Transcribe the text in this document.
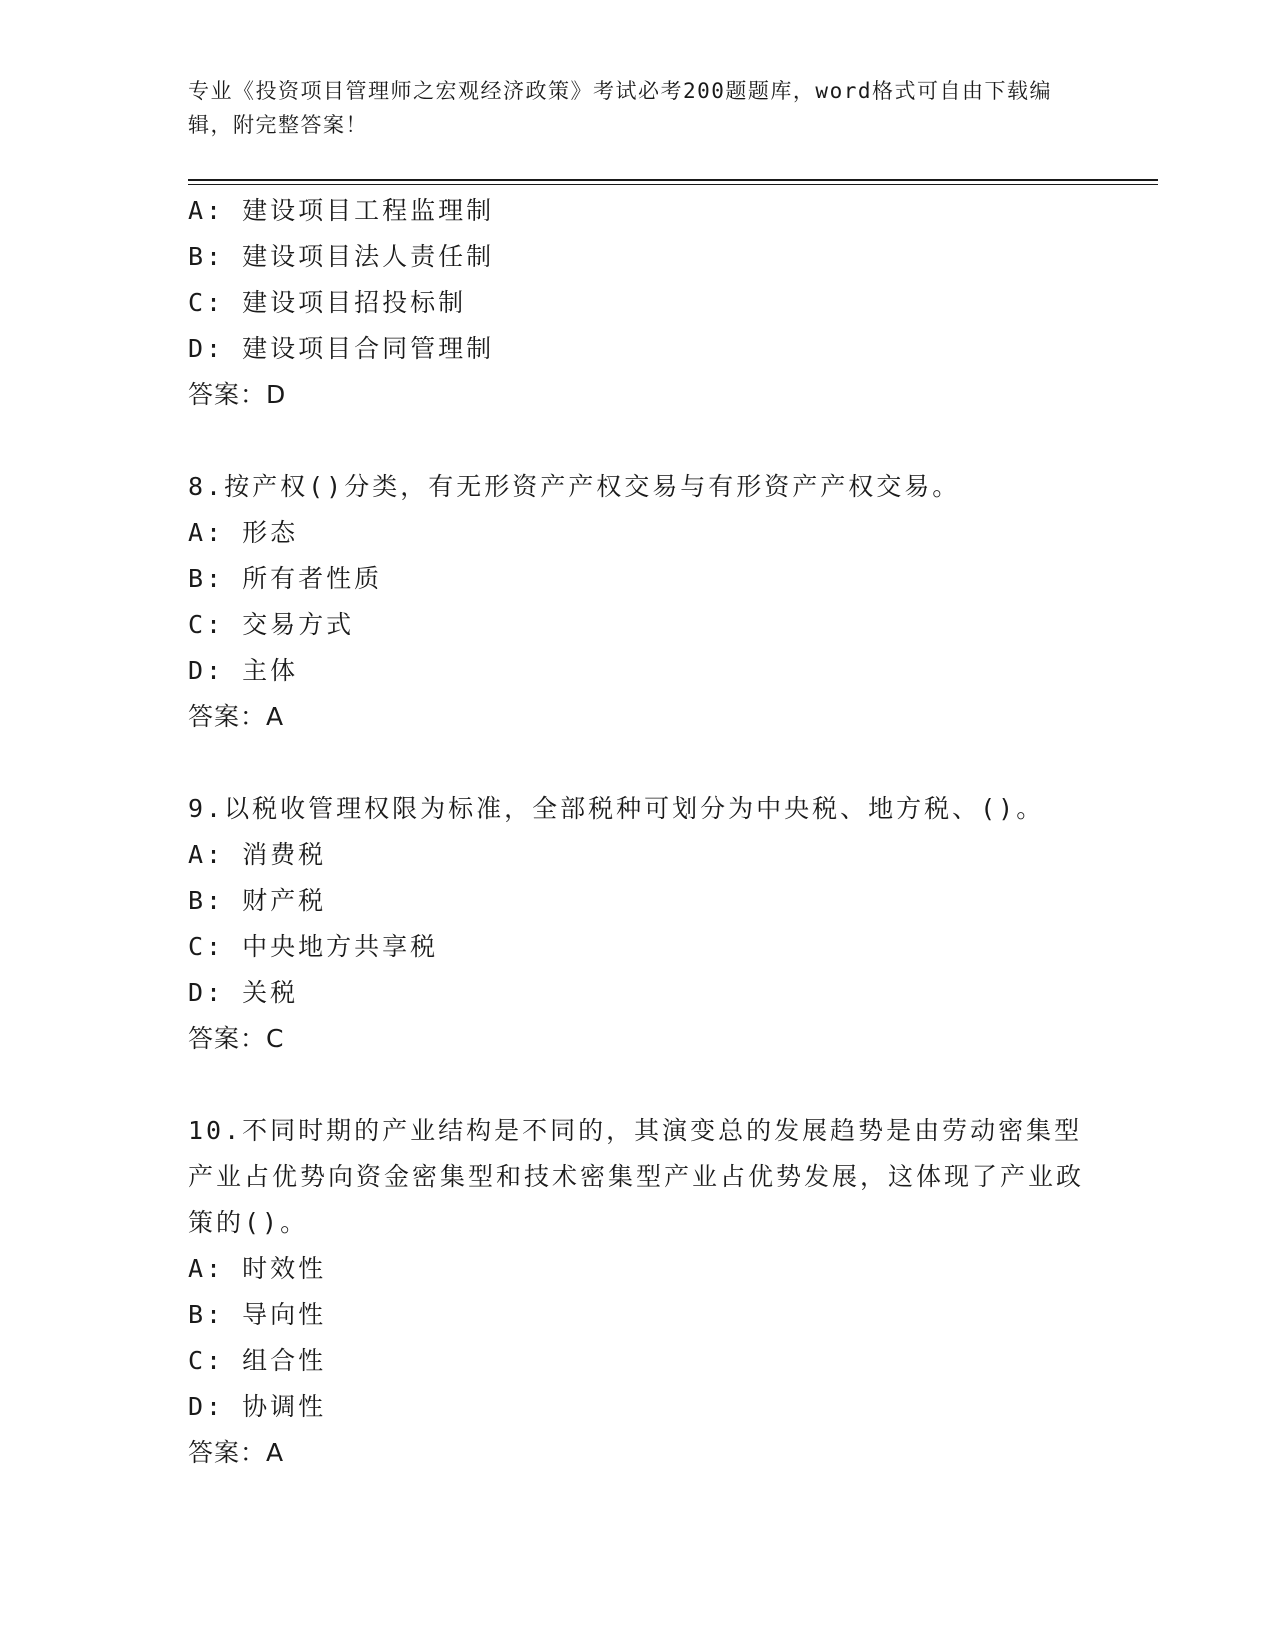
专业《投资项目管理师之宏观经济政策》考试必考200题题库，word格式可自由下载编辑，附完整答案！
A: 建设项目工程监理制
B: 建设项目法人责任制
C: 建设项目招投标制
D: 建设项目合同管理制
答案：D
8.按产权()分类，有无形资产产权交易与有形资产产权交易。
A: 形态
B: 所有者性质
C: 交易方式
D: 主体
答案：A
9.以税收管理权限为标准，全部税种可划分为中央税、地方税、()。
A: 消费税
B: 财产税
C: 中央地方共享税
D: 关税
答案：C
10.不同时期的产业结构是不同的，其演变总的发展趋势是由劳动密集型产业占优势向资金密集型和技术密集型产业占优势发展，这体现了产业政策的()。
A: 时效性
B: 导向性
C: 组合性
D: 协调性
答案：A
